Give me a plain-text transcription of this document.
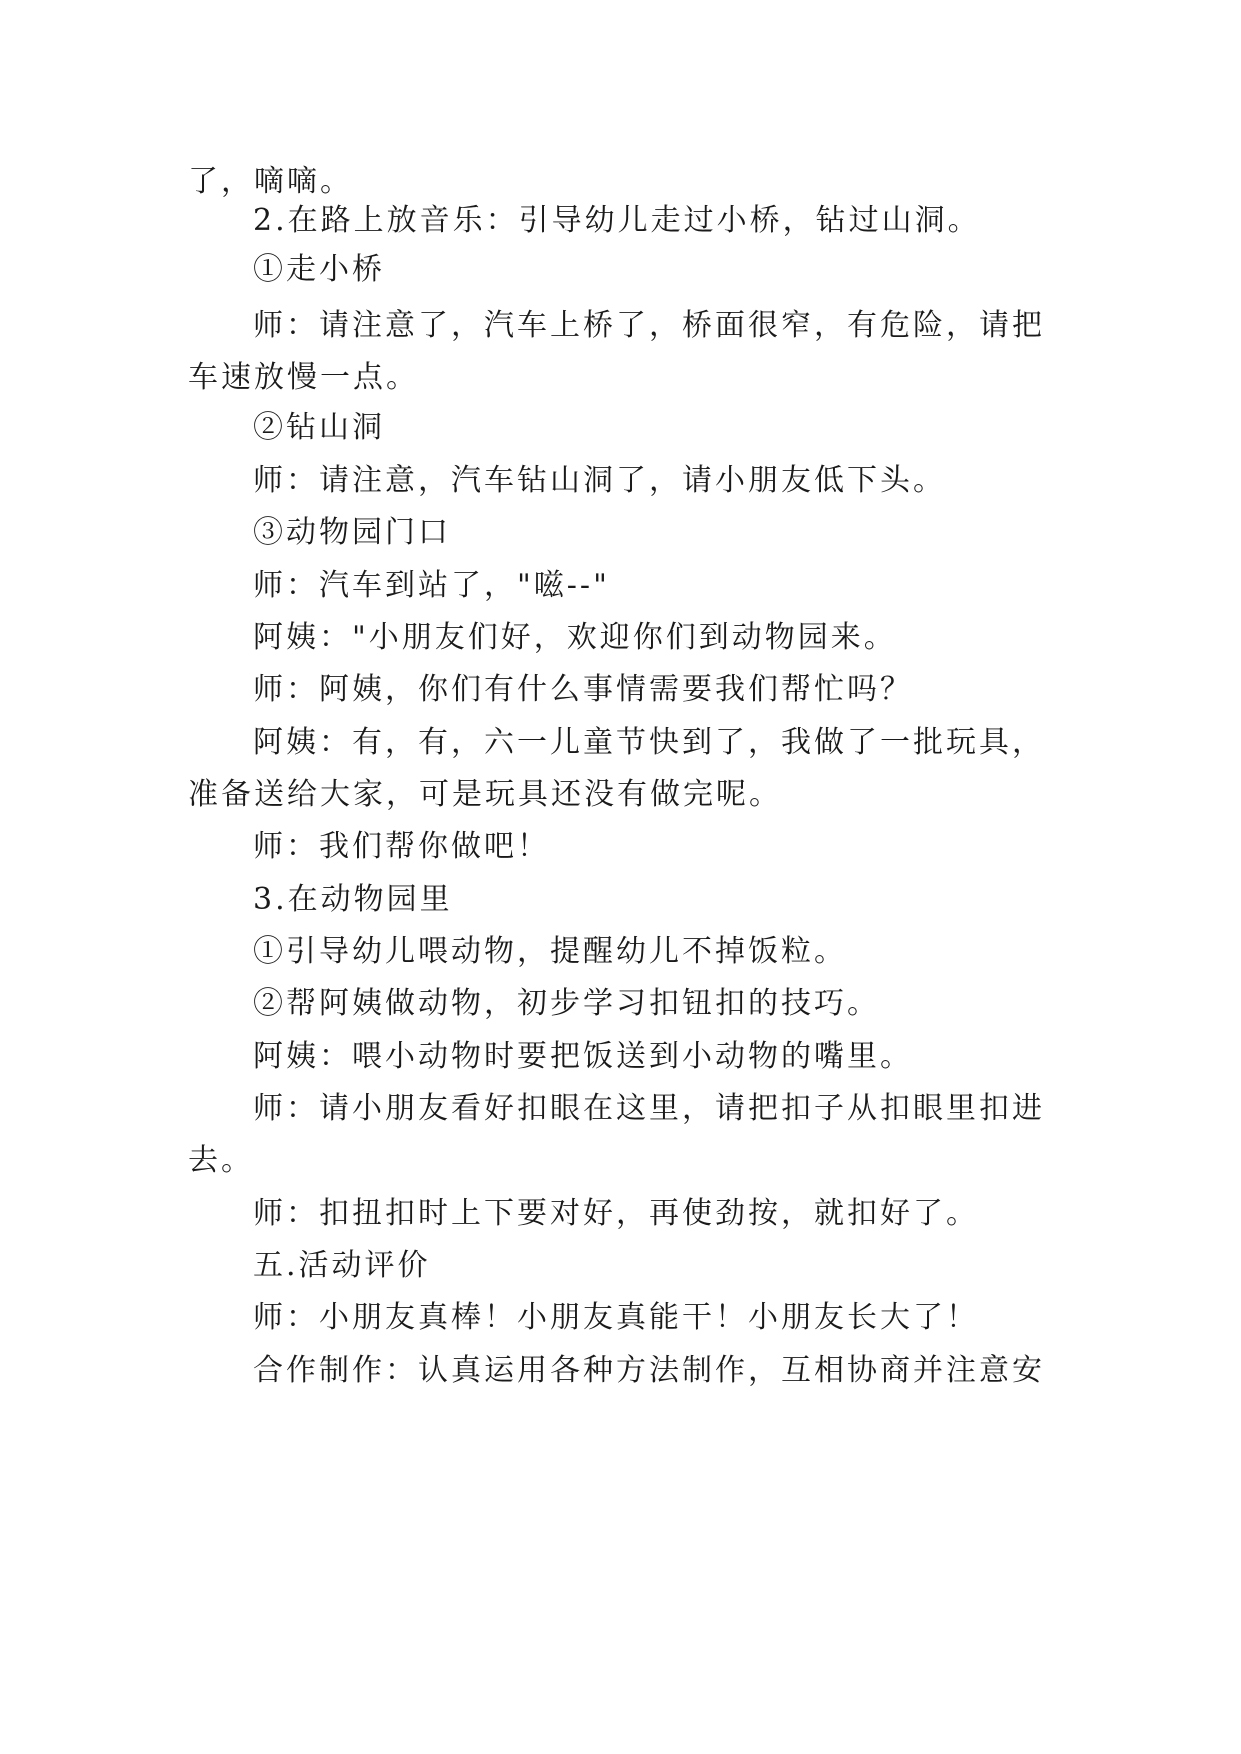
了，嘀嘀。
2.在路上放音乐：引导幼儿走过小桥，钻过山洞。
①走小桥
师：请注意了，汽车上桥了，桥面很窄，有危险，请把
车速放慢一点。
②钻山洞
师：请注意，汽车钻山洞了，请小朋友低下头。
③动物园门口
师：汽车到站了，"嗞--"
阿姨："小朋友们好，欢迎你们到动物园来。
师：阿姨，你们有什么事情需要我们帮忙吗？
阿姨：有，有，六一儿童节快到了，我做了一批玩具，
准备送给大家，可是玩具还没有做完呢。
师：我们帮你做吧！
3.在动物园里
①引导幼儿喂动物，提醒幼儿不掉饭粒。
②帮阿姨做动物，初步学习扣钮扣的技巧。
阿姨：喂小动物时要把饭送到小动物的嘴里。
师：请小朋友看好扣眼在这里，请把扣子从扣眼里扣进
去。
师：扣扭扣时上下要对好，再使劲按，就扣好了。
五.活动评价
师：小朋友真棒！小朋友真能干！小朋友长大了！
合作制作：认真运用各种方法制作，互相协商并注意安
